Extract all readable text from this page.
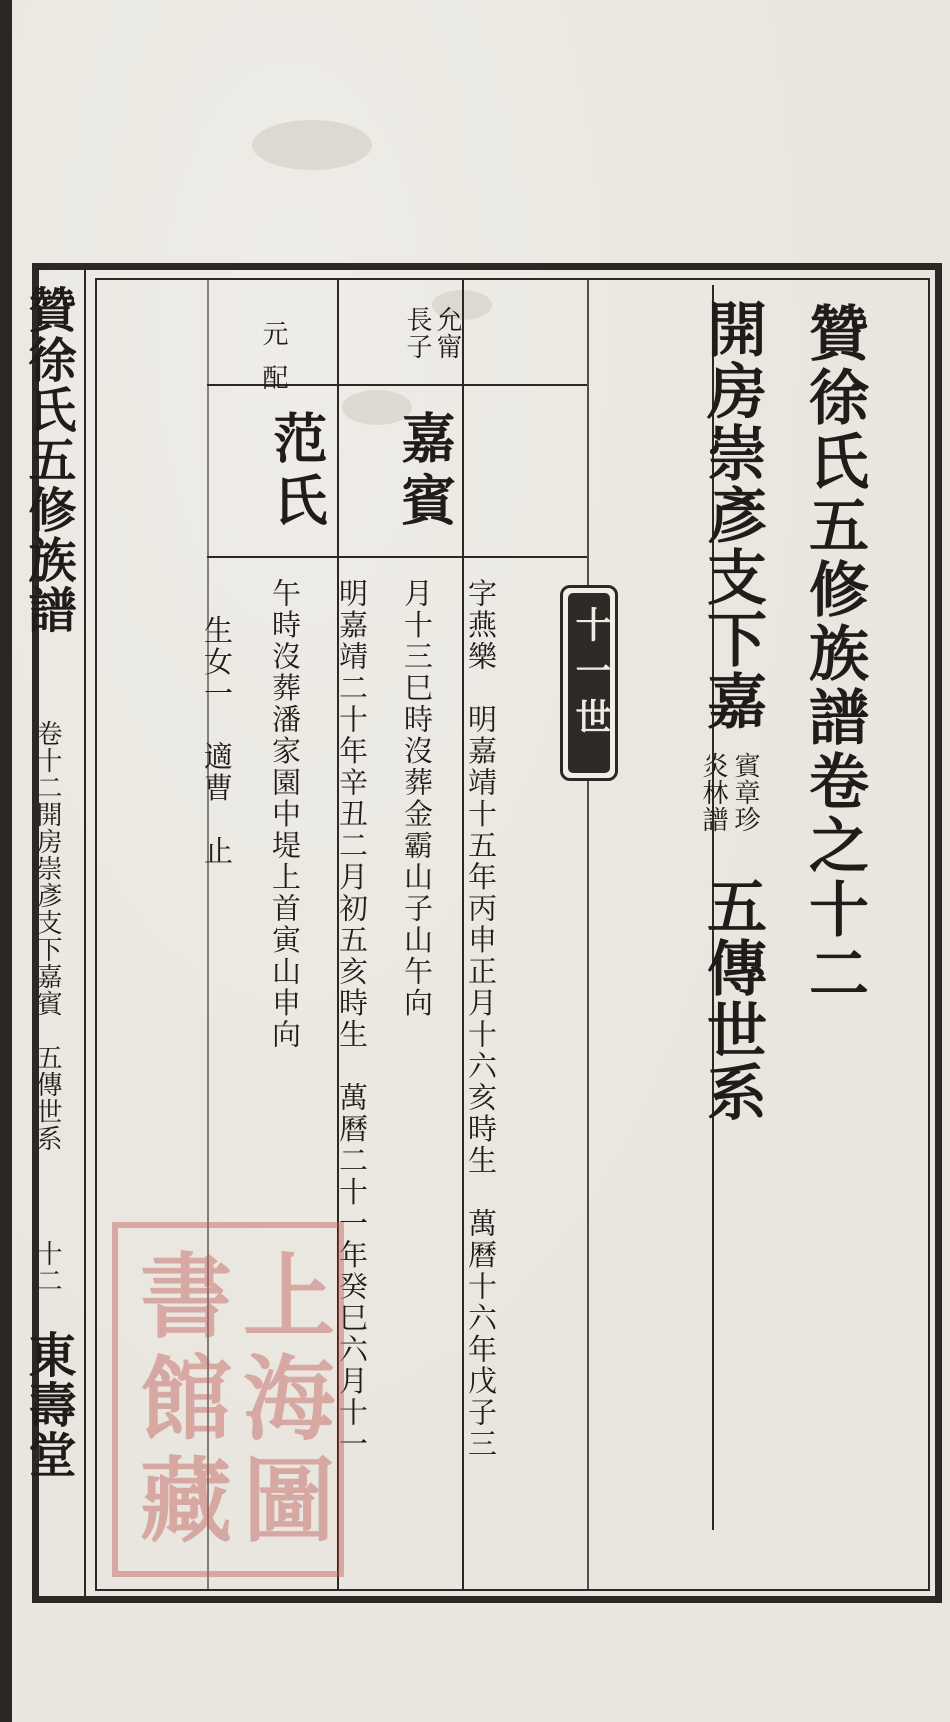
贊徐氏五修族譜
卷十二開房崇彥支下嘉賓　五傳世系
十二
東壽堂
贊徐氏五修族譜卷之十二
開房崇彥支下嘉
賓章珍
炎林譜
五傳世系
十一世
允甯
長子
嘉賓
字燕樂　明嘉靖十五年丙申正月十六亥時生　萬曆十六年戊子三
月十三巳時沒葬金霸山子山午向
元配
范氏
明嘉靖二十年辛丑二月初五亥時生　萬曆二十一年癸巳六月十一
午時沒葬潘家園中堤上首寅山申向
生女一　適曹　止
上海圖
書館藏
